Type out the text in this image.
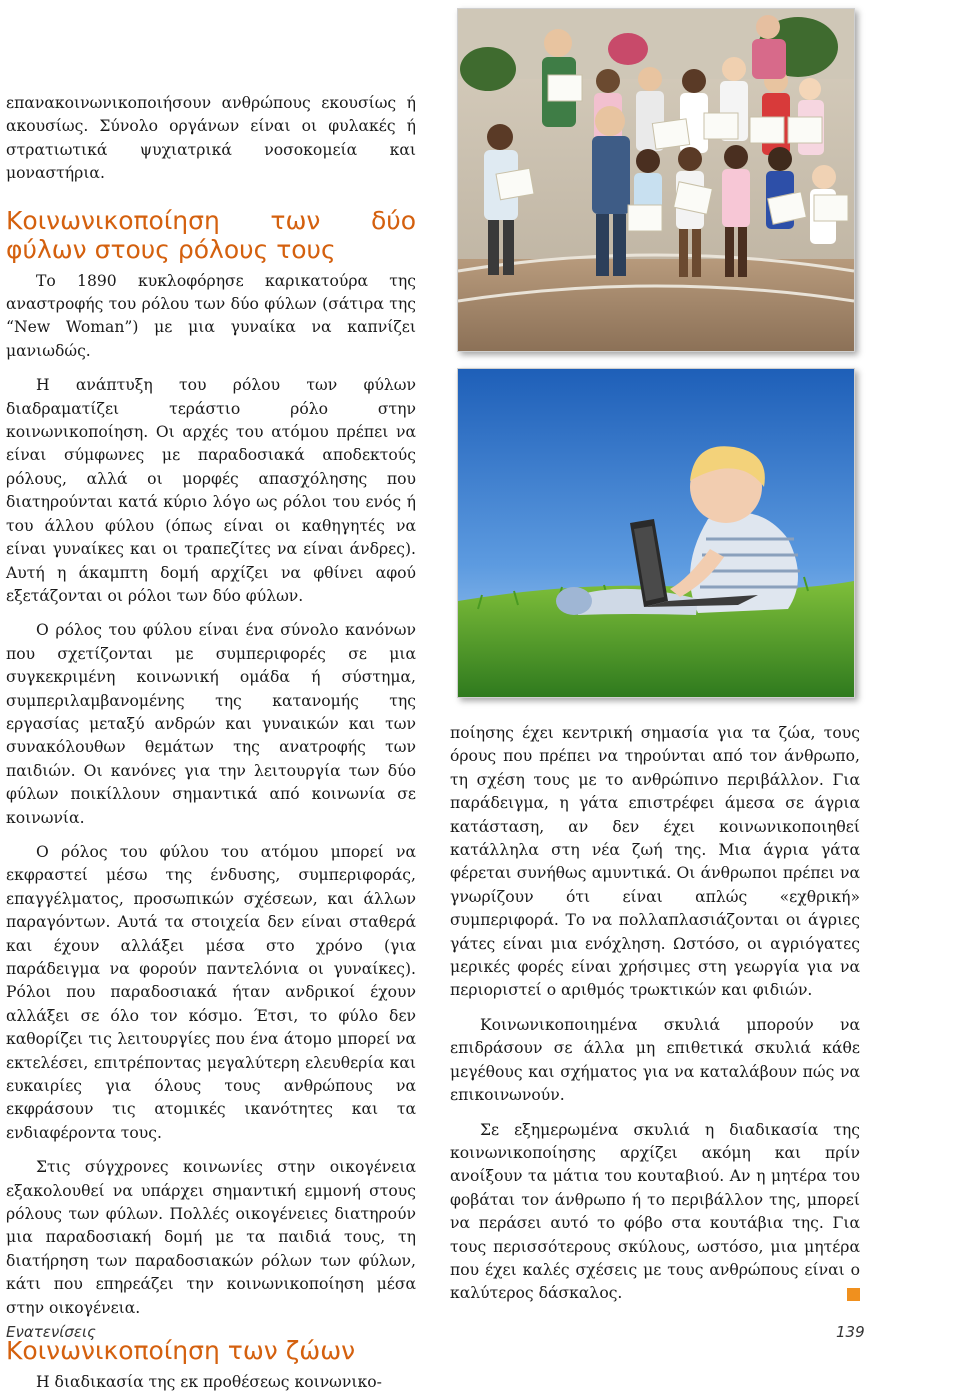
επανακοινωνικοποιήσουν ανθρώπους εκουσίως ή ακουσίως. Σύνολο οργάνων είναι οι φυλακές ή στρατιωτικά ψυχιατρικά νοσοκομεία και μοναστήρια.

Κοινωνικοποίηση των δύο φύλων στους ρόλους τους

Το 1890 κυκλοφόρησε καρικατούρα της αναστροφής του ρόλου των δύο φύλων (σάτιρα της “New Woman”) με μια γυναίκα να καπνίζει μανιωδώς.

Η ανάπτυξη του ρόλου των φύλων διαδραματίζει τεράστιο ρόλο στην κοινωνικοποίηση. Οι αρχές του ατόμου πρέπει να είναι σύμφωνες με παραδοσιακά αποδεκτούς ρόλους, αλλά οι μορφές απασχόλησης που διατηρούνται κατά κύριο λόγο ως ρόλοι του ενός ή του άλλου φύλου (όπως είναι οι καθηγητές να είναι γυναίκες και οι τραπεζίτες να είναι άνδρες). Αυτή η άκαμπτη δομή αρχίζει να φθίνει αφού εξετάζονται οι ρόλοι των δύο φύλων.

Ο ρόλος του φύλου είναι ένα σύνολο κανόνων που σχετίζονται με συμπεριφορές σε μια συγκεκριμένη κοινωνική ομάδα ή σύστημα, συμπεριλαμβανομένης της κατανομής της εργασίας μεταξύ ανδρών και γυναικών και των συνακόλουθων θεμάτων της ανατροφής των παιδιών. Οι κανόνες για την λειτουργία των δύο φύλων ποικίλλουν σημαντικά από κοινωνία σε κοινωνία.

Ο ρόλος του φύλου του ατόμου μπορεί να εκφραστεί μέσω της ένδυσης, συμπεριφοράς, επαγγέλματος, προσωπικών σχέσεων, και άλλων παραγόντων. Αυτά τα στοιχεία δεν είναι σταθερά και έχουν αλλάξει μέσα στο χρόνο (για παράδειγμα να φορούν παντελόνια οι γυναίκες). Ρόλοι που παραδοσιακά ήταν ανδρικοί έχουν αλλάξει σε όλο τον κόσμο. Έτσι, το φύλο δεν καθορίζει τις λειτουργίες που ένα άτομο μπορεί να εκτελέσει, επιτρέποντας μεγαλύτερη ελευθερία και ευκαιρίες για όλους τους ανθρώπους να εκφράσουν τις ατομικές ικανότητες και τα ενδιαφέροντα τους.

Στις σύγχρονες κοινωνίες στην οικογένεια εξακολουθεί να υπάρχει σημαντική εμμονή στους ρόλους των φύλων. Πολλές οικογένειες διατηρούν μια παραδοσιακή δομή με τα παιδιά τους, τη διατήρηση των παραδοσιακών ρόλων των φύλων, κάτι που επηρεάζει την κοινωνικοποίηση μέσα στην οικογένεια.

Κοινωνικοποίηση των ζώων

Η διαδικασία της εκ προθέσεως κοινωνικο-

ποίησης έχει κεντρική σημασία για τα ζώα, τους όρους που πρέπει να τηρούνται από τον άνθρωπο, τη σχέση τους με το ανθρώπινο περιβάλλον. Για παράδειγμα, η γάτα επιστρέφει άμεσα σε άγρια κατάσταση, αν δεν έχει κοινωνικοποιηθεί κατάλληλα στη νέα ζωή της. Μια άγρια γάτα φέρεται συνήθως αμυντικά. Οι άνθρωποι πρέπει να γνωρίζουν ότι είναι απλώς «εχθρική» συμπεριφορά. Το να πολλαπλασιάζονται οι άγριες γάτες είναι μια ενόχληση. Ωστόσο, οι αγριόγατες μερικές φορές είναι χρήσιμες στη γεωργία για να περιοριστεί ο αριθμός τρωκτικών και φιδιών.

Κοινωνικοποιημένα σκυλιά μπορούν να επιδράσουν σε άλλα μη επιθετικά σκυλιά κάθε μεγέθους και σχήματος για να καταλάβουν πώς να επικοινωνούν.

Σε εξημερωμένα σκυλιά η διαδικασία της κοινωνικοποίησης αρχίζει ακόμη και πρίν ανοίξουν τα μάτια του κουταβιού. Αν η μητέρα του φοβάται τον άνθρωπο ή το περιβάλλον της, μπορεί να περάσει αυτό το φόβο στα κουτάβια της. Για τους περισσότερους σκύλους, ωστόσο, μια μητέρα που έχει καλές σχέσεις με τους ανθρώπους είναι ο καλύτερος δάσκαλος.

Ενατενίσεις	139
